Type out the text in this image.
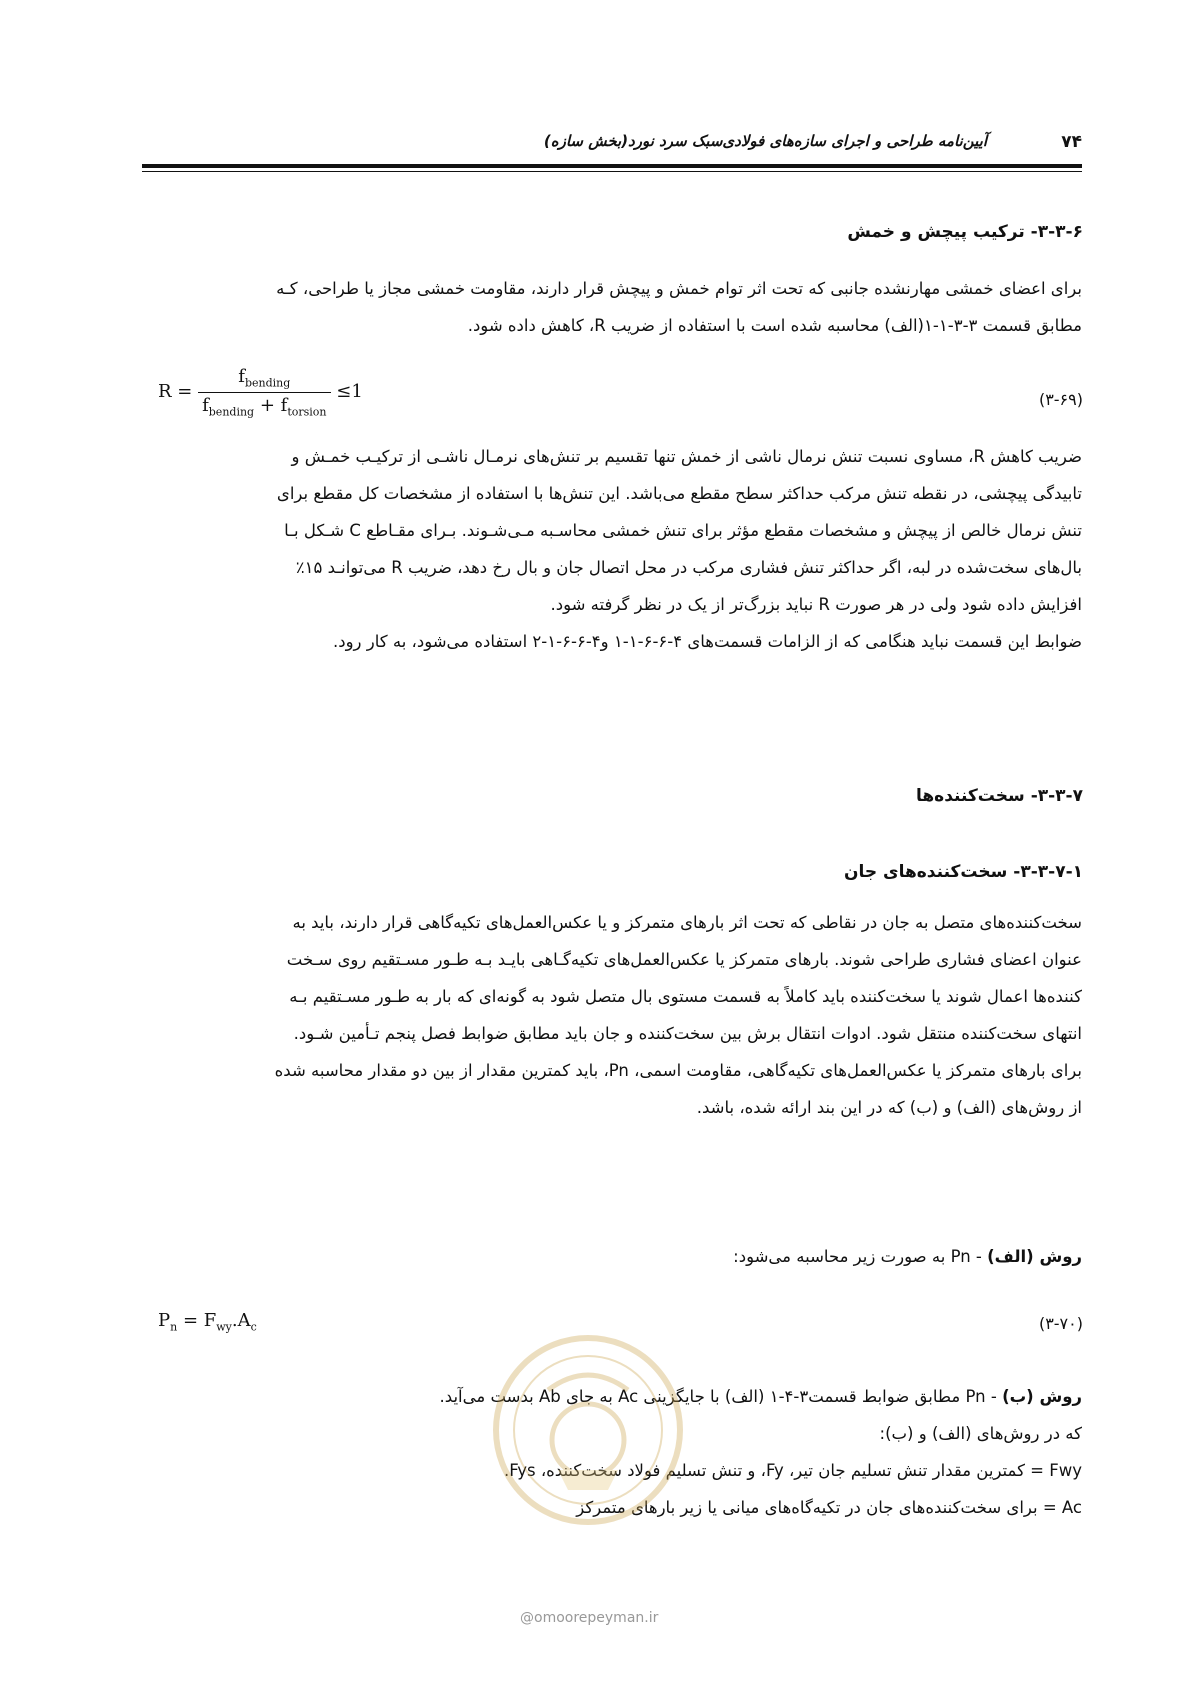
آیین‌نامه طراحی و اجرای سازه‌های فولادی‌سبک سرد نورد(بخش سازه)	۷۴
۳-۳-۶- ترکیب پیچش و خمش
برای اعضای خمشی مهارنشده جانبی که تحت اثر توام خمش و پیچش قرار دارند، مقاومت خمشی مجاز یا طراحی، کـه
مطابق قسمت ۳-۳-۱-۱(الف) محاسبه شده است با استفاده از ضریب R، کاهش داده شود.
$R = \frac{f_{bending}}{f_{bending} + f_{torsion}} \le 1$	(۳-۶۹)
ضریب کاهش R، مساوی نسبت تنش نرمال ناشی از خمش تنها تقسیم بر تنش‌های نرمـال ناشـی از ترکیـب خمـش و
تابیدگی پیچشی، در نقطه تنش مرکب حداکثر سطح مقطع می‌باشد. این تنش‌ها با استفاده از مشخصات کل مقطع برای
تنش نرمال خالص از پیچش و مشخصات مقطع مؤثر برای تنش خمشی محاسـبه مـی‌شـوند. بـرای مقـاطع C شـکل بـا
بال‌های سخت‌شده در لبه، اگر حداکثر تنش فشاری مرکب در محل اتصال جان و بال رخ دهد، ضریب R می‌توانـد ۱۵٪
افزایش داده شود ولی در هر صورت R نباید بزرگ‌تر از یک در نظر گرفته شود.
ضوابط این قسمت نباید هنگامی که از الزامات قسمت‌های ۴-۶-۶-۱-۱ و۴-۶-۶-۱-۲ استفاده می‌شود، به کار رود.
۳-۳-۷- سخت‌کننده‌ها
۳-۳-۷-۱- سخت‌کننده‌های جان
سخت‌کننده‌های متصل به جان در نقاطی که تحت اثر بارهای متمرکز و یا عکس‌العمل‌های تکیه‌گاهی قرار دارند، باید به
عنوان اعضای فشاری طراحی شوند. بارهای متمرکز یا عکس‌العمل‌های تکیه‌گـاهی بایـد بـه طـور مسـتقیم روی سـخت
کننده‌ها اعمال شوند یا سخت‌کننده باید کاملاً به قسمت مستوی بال متصل شود به گونه‌ای که بار به طـور مسـتقیم بـه
انتهای سخت‌کننده منتقل شود. ادوات انتقال برش بین سخت‌کننده و جان باید مطابق ضوابط فصل پنجم تـأمین شـود.
برای بارهای متمرکز یا عکس‌العمل‌های تکیه‌گاهی، مقاومت اسمی، Pn، باید کمترین مقدار از بین دو مقدار محاسبه شده
از روش‌های (الف) و (ب) که در این بند ارائه شده، باشد.
روش (الف) - Pn به صورت زیر محاسبه می‌شود:
$P_n = F_{wy}.A_c$	(۳-۷۰)
روش (ب) - Pn مطابق ضوابط قسمت۳-۴-۱ (الف) با جایگزینی Ac به جای Ab بدست می‌آید.
که در روش‌های (الف) و (ب):
Fwy = کمترین مقدار تنش تسلیم جان تیر، Fy، و تنش تسلیم فولاد سخت‌کننده، Fys.
Ac = برای سخت‌کننده‌های جان در تکیه‌گاه‌های میانی یا زیر بارهای متمرکز
@omoorepeyman.ir
